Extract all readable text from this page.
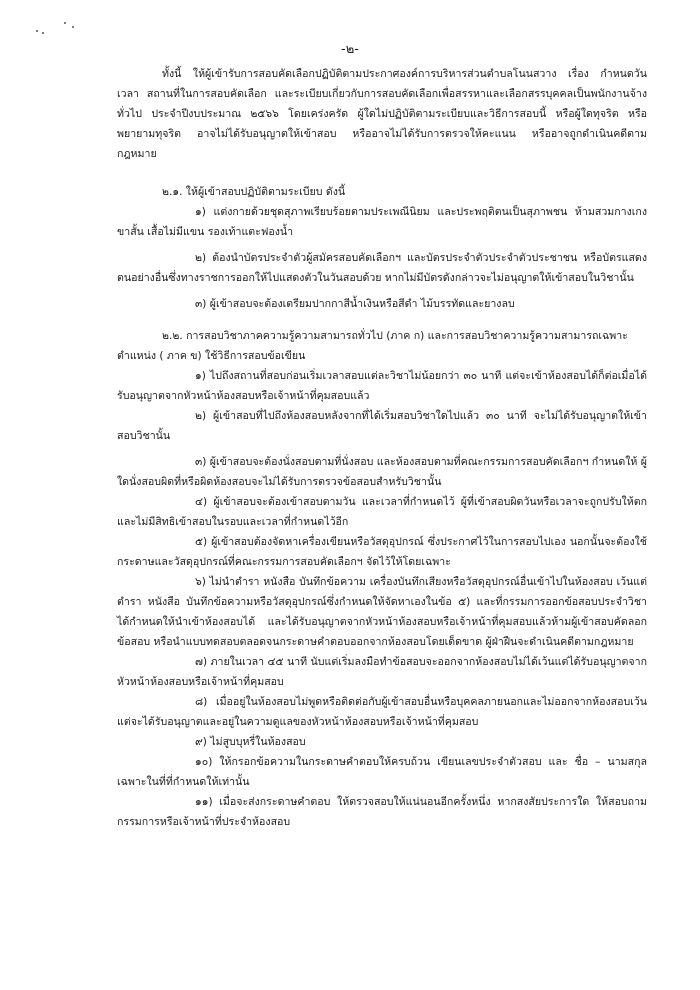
-๒-

ทั้งนี้ ให้ผู้เข้ารับการสอบคัดเลือกปฏิบัติตามประกาศองค์การบริหารส่วนตำบลโนนสวาง เรื่อง กำหนดวัน เวลา สถานที่ในการสอบคัดเลือก และระเบียบเกี่ยวกับการสอบคัดเลือกเพื่อสรรหาและเลือกสรรบุคคลเป็นพนักงานจ้างทั่วไป ประจำปีงบประมาณ ๒๕๖๖ โดยเคร่งครัด ผู้ใดไม่ปฏิบัติตามระเบียบและวิธีการสอบนี้ หรือผู้ใดทุจริต หรือพยายามทุจริต อาจไม่ได้รับอนุญาตให้เข้าสอบ หรืออาจไม่ได้รับการตรวจให้คะแนน หรืออาจถูกดำเนินคดีตามกฎหมาย

๒.๑. ให้ผู้เข้าสอบปฏิบัติตามระเบียบ ดังนี้

๑) แต่งกายด้วยชุดสุภาพเรียบร้อยตามประเพณีนิยม และประพฤติตนเป็นสุภาพชน ห้ามสวมกางเกงขาสั้น เสื้อไม่มีแขน รองเท้าแตะฟองน้ำ

๒) ต้องนำบัตรประจำตัวผู้สมัครสอบคัดเลือกฯ และบัตรประจำตัวประจำตัวประชาชน หรือบัตรแสดงตนอย่างอื่นซึ่งทางราชการออกให้ไปแสดงตัวในวันสอบด้วย หากไม่มีบัตรดังกล่าวจะไม่อนุญาตให้เข้าสอบในวิชานั้น

๓) ผู้เข้าสอบจะต้องเตรียมปากกาสีน้ำเงินหรือสีดำ ไม้บรรทัดและยางลบ

๒.๒. การสอบวิชาภาคความรู้ความสามารถทั่วไป (ภาค ก) และการสอบวิชาความรู้ความสามารถเฉพาะตำแหน่ง ( ภาค ข) ใช้วิธีการสอบข้อเขียน

๑) ไปถึงสถานที่สอบก่อนเริ่มเวลาสอบแต่ละวิชาไม่น้อยกว่า ๓๐ นาที แต่จะเข้าห้องสอบได้ก็ต่อเมื่อได้รับอนุญาตจากหัวหน้าห้องสอบหรือเจ้าหน้าที่คุมสอบแล้ว

๒) ผู้เข้าสอบที่ไปถึงห้องสอบหลังจากที่ได้เริ่มสอบวิชาใดไปแล้ว ๓๐ นาที จะไม่ได้รับอนุญาตให้เข้าสอบวิชานั้น

๓) ผู้เข้าสอบจะต้องนั่งสอบตามที่นั่งสอบ และห้องสอบตามที่คณะกรรมการสอบคัดเลือกฯ กำหนดให้ ผู้ใดนั่งสอบผิดที่หรือผิดห้องสอบจะไม่ได้รับการตรวจข้อสอบสำหรับวิชานั้น

๔) ผู้เข้าสอบจะต้องเข้าสอบตามวัน และเวลาที่กำหนดไว้ ผู้ที่เข้าสอบผิดวันหรือเวลาจะถูกปรับให้ตกและไม่มีสิทธิเข้าสอบในรอบและเวลาที่กำหนดไว้อีก

๕) ผู้เข้าสอบต้องจัดหาเครื่องเขียนหรือวัสดุอุปกรณ์ ซึ่งประกาศไว้ในการสอบไปเอง นอกนั้นจะต้องใช้กระดาษและวัสดุอุปกรณ์ที่คณะกรรมการสอบคัดเลือกฯ จัดไว้ให้โดยเฉพาะ

๖) ไม่นำตำรา หนังสือ บันทึกข้อความ เครื่องบันทึกเสียงหรือวัสดุอุปกรณ์อื่นเข้าไปในห้องสอบ เว้นแต่ตำรา หนังสือ บันทึกข้อความหรือวัสดุอุปกรณ์ซึ่งกำหนดให้จัดหาเองในข้อ ๕) และที่กรรมการออกข้อสอบประจำวิชาได้กำหนดให้นำเข้าห้องสอบได้ และได้รับอนุญาตจากหัวหน้าห้องสอบหรือเจ้าหน้าที่คุมสอบแล้วห้ามผู้เข้าสอบคัดลอกข้อสอบ หรือนำแบบทดสอบตลอดจนกระดาษคำตอบออกจากห้องสอบโดยเด็ดขาด ผู้ฝ่าฝืนจะดำเนินคดีตามกฎหมาย

๗) ภายในเวลา ๔๕ นาที นับแต่เริ่มลงมือทำข้อสอบจะออกจากห้องสอบไม่ได้เว้นแต่ได้รับอนุญาตจากหัวหน้าห้องสอบหรือเจ้าหน้าที่คุมสอบ

๘) เมื่ออยู่ในห้องสอบไม่พูดหรือติดต่อกับผู้เข้าสอบอื่นหรือบุคคลภายนอกและไม่ออกจากห้องสอบเว้นแต่จะได้รับอนุญาตและอยู่ในความดูแลของหัวหน้าห้องสอบหรือเจ้าหน้าที่คุมสอบ

๙) ไม่สูบบุหรี่ในห้องสอบ

๑๐) ให้กรอกข้อความในกระดาษคำตอบให้ครบถ้วน เขียนเลขประจำตัวสอบ และ ชื่อ – นามสกุล เฉพาะในที่ที่กำหนดให้เท่านั้น

๑๑) เมื่อจะส่งกระดาษคำตอบ ให้ตรวจสอบให้แน่นอนอีกครั้งหนึ่ง หากสงสัยประการใด ให้สอบถามกรรมการหรือเจ้าหน้าที่ประจำห้องสอบ
